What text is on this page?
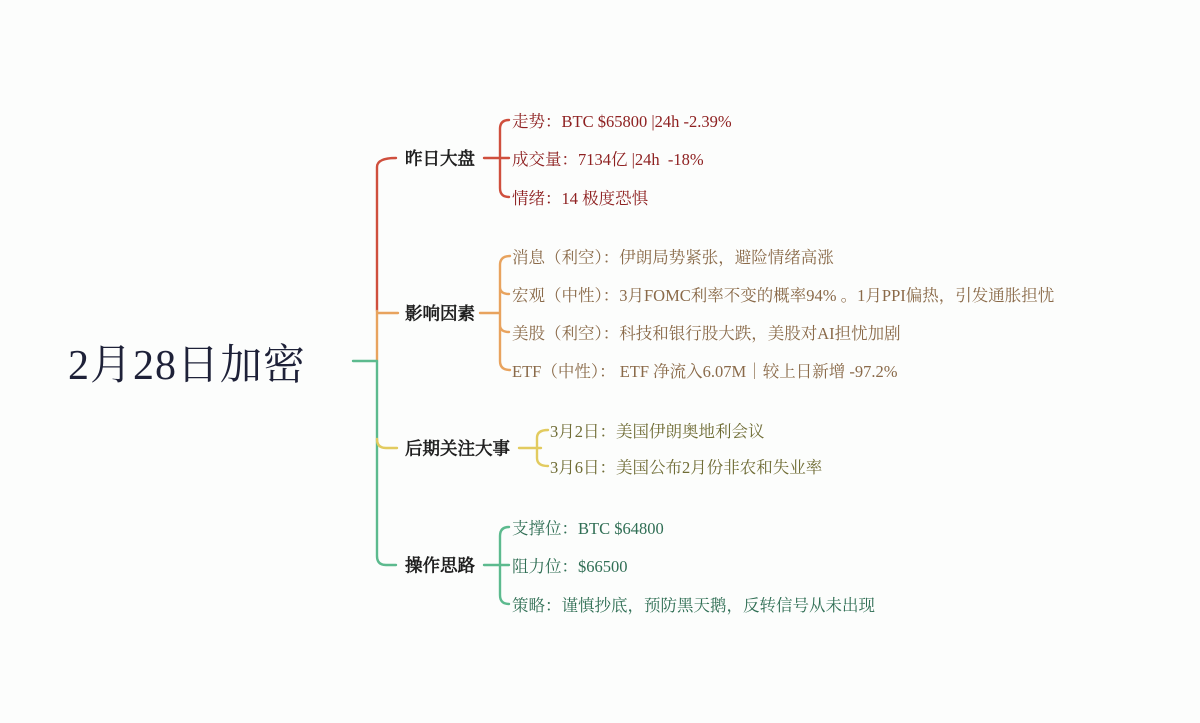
2月28日加密
昨日大盘
走势：BTC $65800 |24h -2.39%
成交量：7134亿 |24h  -18%
情绪：14 极度恐惧
影响因素
消息（利空）：伊朗局势紧张，避险情绪高涨
宏观（中性）：3月FOMC利率不变的概率94% 。1月PPI偏热，引发通胀担忧
美股（利空）：科技和银行股大跌，美股对AI担忧加剧
ETF（中性）： ETF 净流入6.07M｜较上日新增 -97.2%
后期关注大事
3月2日：美国伊朗奥地利会议
3月6日：美国公布2月份非农和失业率
操作思路
支撑位：BTC $64800
阻力位：$66500
策略：谨慎抄底，预防黑天鹅，反转信号从未出现
